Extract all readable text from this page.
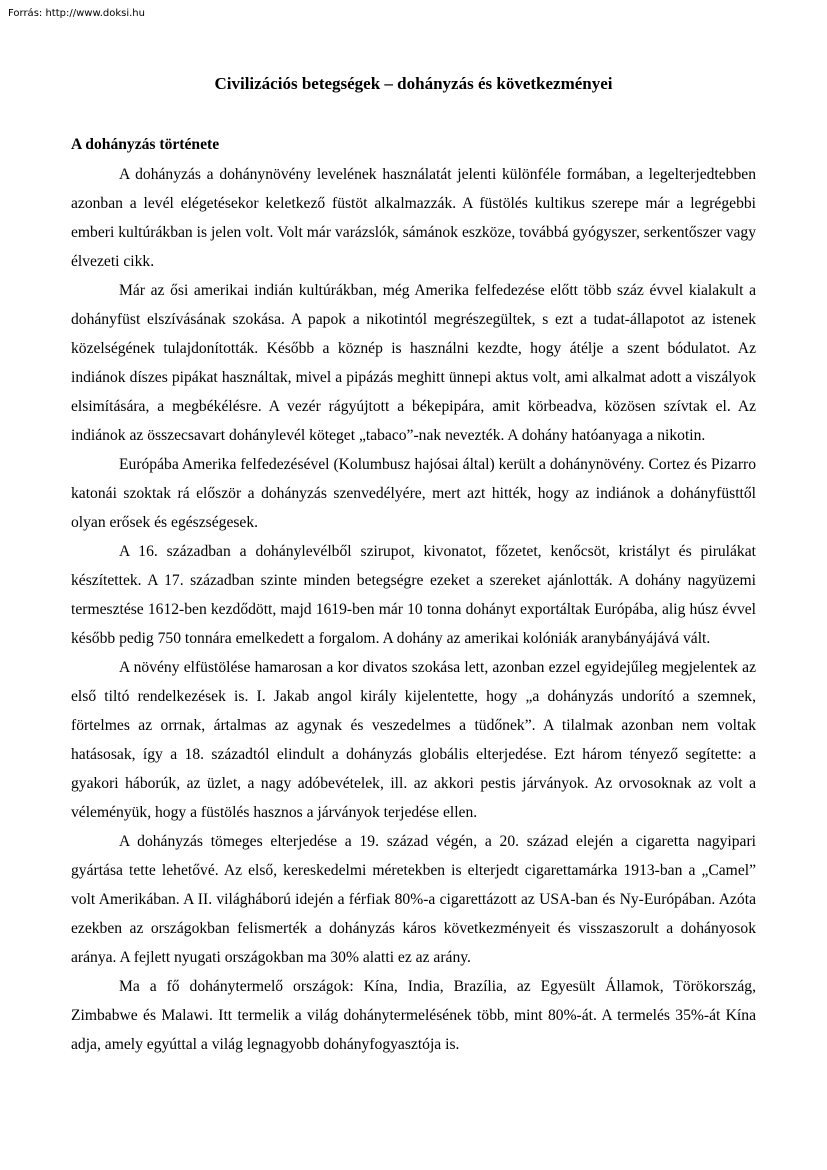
Forrás: http://www.doksi.hu
Civilizációs betegségek – dohányzás és következményei
A dohányzás története

A dohányzás a dohánynövény levelének használatát jelenti különféle formában, a legelterjedtebben azonban a levél elégetésekor keletkező füstöt alkalmazzák. A füstölés kultikus szerepe már a legrégebbi emberi kultúrákban is jelen volt. Volt már varázslók, sámánok eszköze, továbbá gyógyszer, serkentőszer vagy élvezeti cikk.

Már az ősi amerikai indián kultúrákban, még Amerika felfedezése előtt több száz évvel kialakult a dohányfüst elszívásának szokása. A papok a nikotintól megrészegültek, s ezt a tudat-állapotot az istenek közelségének tulajdonították. Később a köznép is használni kezdte, hogy átélje a szent bódulatot. Az indiánok díszes pipákat használtak, mivel a pipázás meghitt ünnepi aktus volt, ami alkalmat adott a viszályok elsimítására, a megbékélésre. A vezér rágyújtott a békepipára, amit körbeadva, közösen szívtak el. Az indiánok az összecsavart dohánylevél köteget „tabaco”-nak nevezték. A dohány hatóanyaga a nikotin.

Európába Amerika felfedezésével (Kolumbusz hajósai által) került a dohánynövény. Cortez és Pizarro katonái szoktak rá először a dohányzás szenvedélyére, mert azt hitték, hogy az indiánok a dohányfüsttől olyan erősek és egészségesek.

A 16. században a dohánylevélből szirupot, kivonatot, főzetet, kenőcsöt, kristályt és pirulákat készítettek. A 17. században szinte minden betegségre ezeket a szereket ajánlották. A dohány nagyüzemi termesztése 1612-ben kezdődött, majd 1619-ben már 10 tonna dohányt exportáltak Európába, alig húsz évvel később pedig 750 tonnára emelkedett a forgalom. A dohány az amerikai kolóniák aranybányájává vált.

A növény elfüstölése hamarosan a kor divatos szokása lett, azonban ezzel egyidejűleg megjelentek az első tiltó rendelkezések is. I. Jakab angol király kijelentette, hogy „a dohányzás undorító a szemnek, förtelmes az orrnak, ártalmas az agynak és veszedelmes a tüdőnek”. A tilalmak azonban nem voltak hatásosak, így a 18. századtól elindult a dohányzás globális elterjedése. Ezt három tényező segítette: a gyakori háborúk, az üzlet, a nagy adóbevételek, ill. az akkori pestis járványok. Az orvosoknak az volt a véleményük, hogy a füstölés hasznos a járványok terjedése ellen.

A dohányzás tömeges elterjedése a 19. század végén, a 20. század elején a cigaretta nagyipari gyártása tette lehetővé. Az első, kereskedelmi méretekben is elterjedt cigarettamárka 1913-ban a „Camel” volt Amerikában. A II. világháború idején a férfiak 80%-a cigarettázott az USA-ban és Ny-Európában. Azóta ezekben az országokban felismerték a dohányzás káros következményeit és visszaszorult a dohányosok aránya. A fejlett nyugati országokban ma 30% alatti ez az arány.

Ma a fő dohánytermelő országok: Kína, India, Brazília, az Egyesült Államok, Törökország, Zimbabwe és Malawi. Itt termelik a világ dohánytermelésének több, mint 80%-át. A termelés 35%-át Kína adja, amely egyúttal a világ legnagyobb dohányfogyasztója is.
